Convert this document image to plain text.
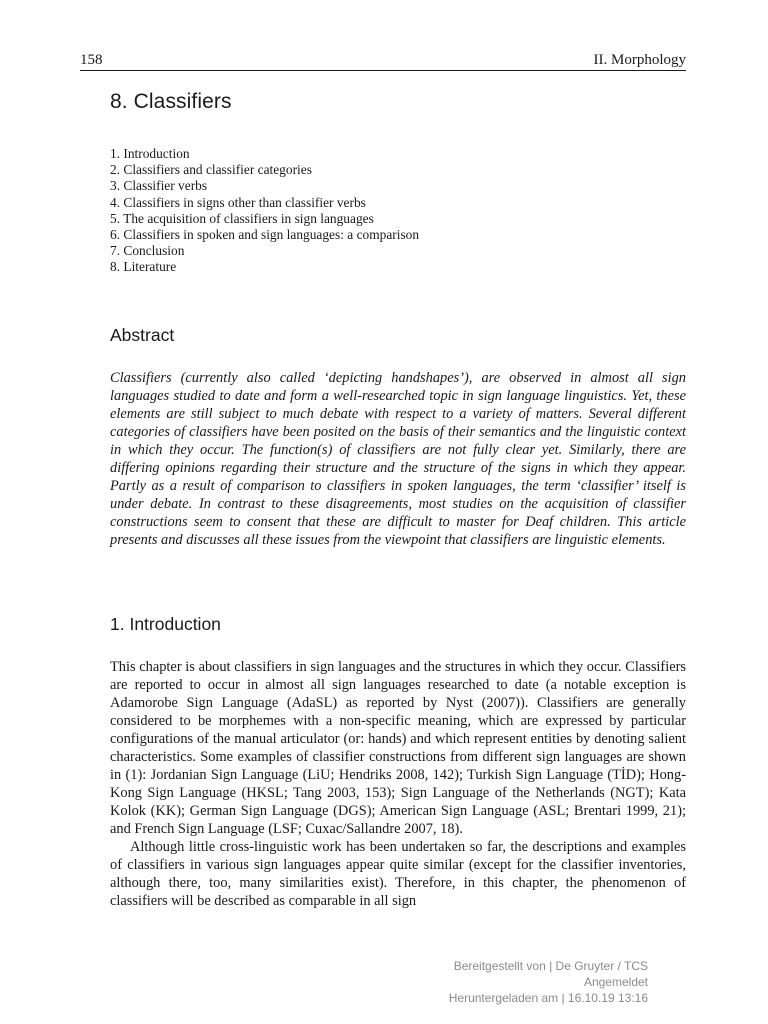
158	II. Morphology
8. Classifiers
1. Introduction
2. Classifiers and classifier categories
3. Classifier verbs
4. Classifiers in signs other than classifier verbs
5. The acquisition of classifiers in sign languages
6. Classifiers in spoken and sign languages: a comparison
7. Conclusion
8. Literature
Abstract

Classifiers (currently also called ‘depicting handshapes’), are observed in almost all sign languages studied to date and form a well-researched topic in sign language linguistics. Yet, these elements are still subject to much debate with respect to a variety of matters. Several different categories of classifiers have been posited on the basis of their semantics and the linguistic context in which they occur. The function(s) of classifiers are not fully clear yet. Similarly, there are differing opinions regarding their structure and the structure of the signs in which they appear. Partly as a result of comparison to classifiers in spoken languages, the term ‘classifier’ itself is under debate. In contrast to these disagreements, most studies on the acquisition of classifier constructions seem to consent that these are difficult to master for Deaf children. This article presents and discusses all these issues from the viewpoint that classifiers are linguistic elements.

1. Introduction

This chapter is about classifiers in sign languages and the structures in which they occur. Classifiers are reported to occur in almost all sign languages researched to date (a notable exception is Adamorobe Sign Language (AdaSL) as reported by Nyst (2007)). Classifiers are generally considered to be morphemes with a non-specific meaning, which are expressed by particular configurations of the manual articulator (or: hands) and which represent entities by denoting salient characteristics. Some examples of classifier constructions from different sign languages are shown in (1): Jordanian Sign Language (LiU; Hendriks 2008, 142); Turkish Sign Language (TİD); Hong-Kong Sign Language (HKSL; Tang 2003, 153); Sign Language of the Netherlands (NGT); Kata Kolok (KK); German Sign Language (DGS); American Sign Language (ASL; Brentari 1999, 21); and French Sign Language (LSF; Cuxac/Sallandre 2007, 18).

Although little cross-linguistic work has been undertaken so far, the descriptions and examples of classifiers in various sign languages appear quite similar (except for the classifier inventories, although there, too, many similarities exist). Therefore, in this chapter, the phenomenon of classifiers will be described as comparable in all sign

Bereitgestellt von | De Gruyter / TCS
Angemeldet
Heruntergeladen am | 16.10.19 13:16
